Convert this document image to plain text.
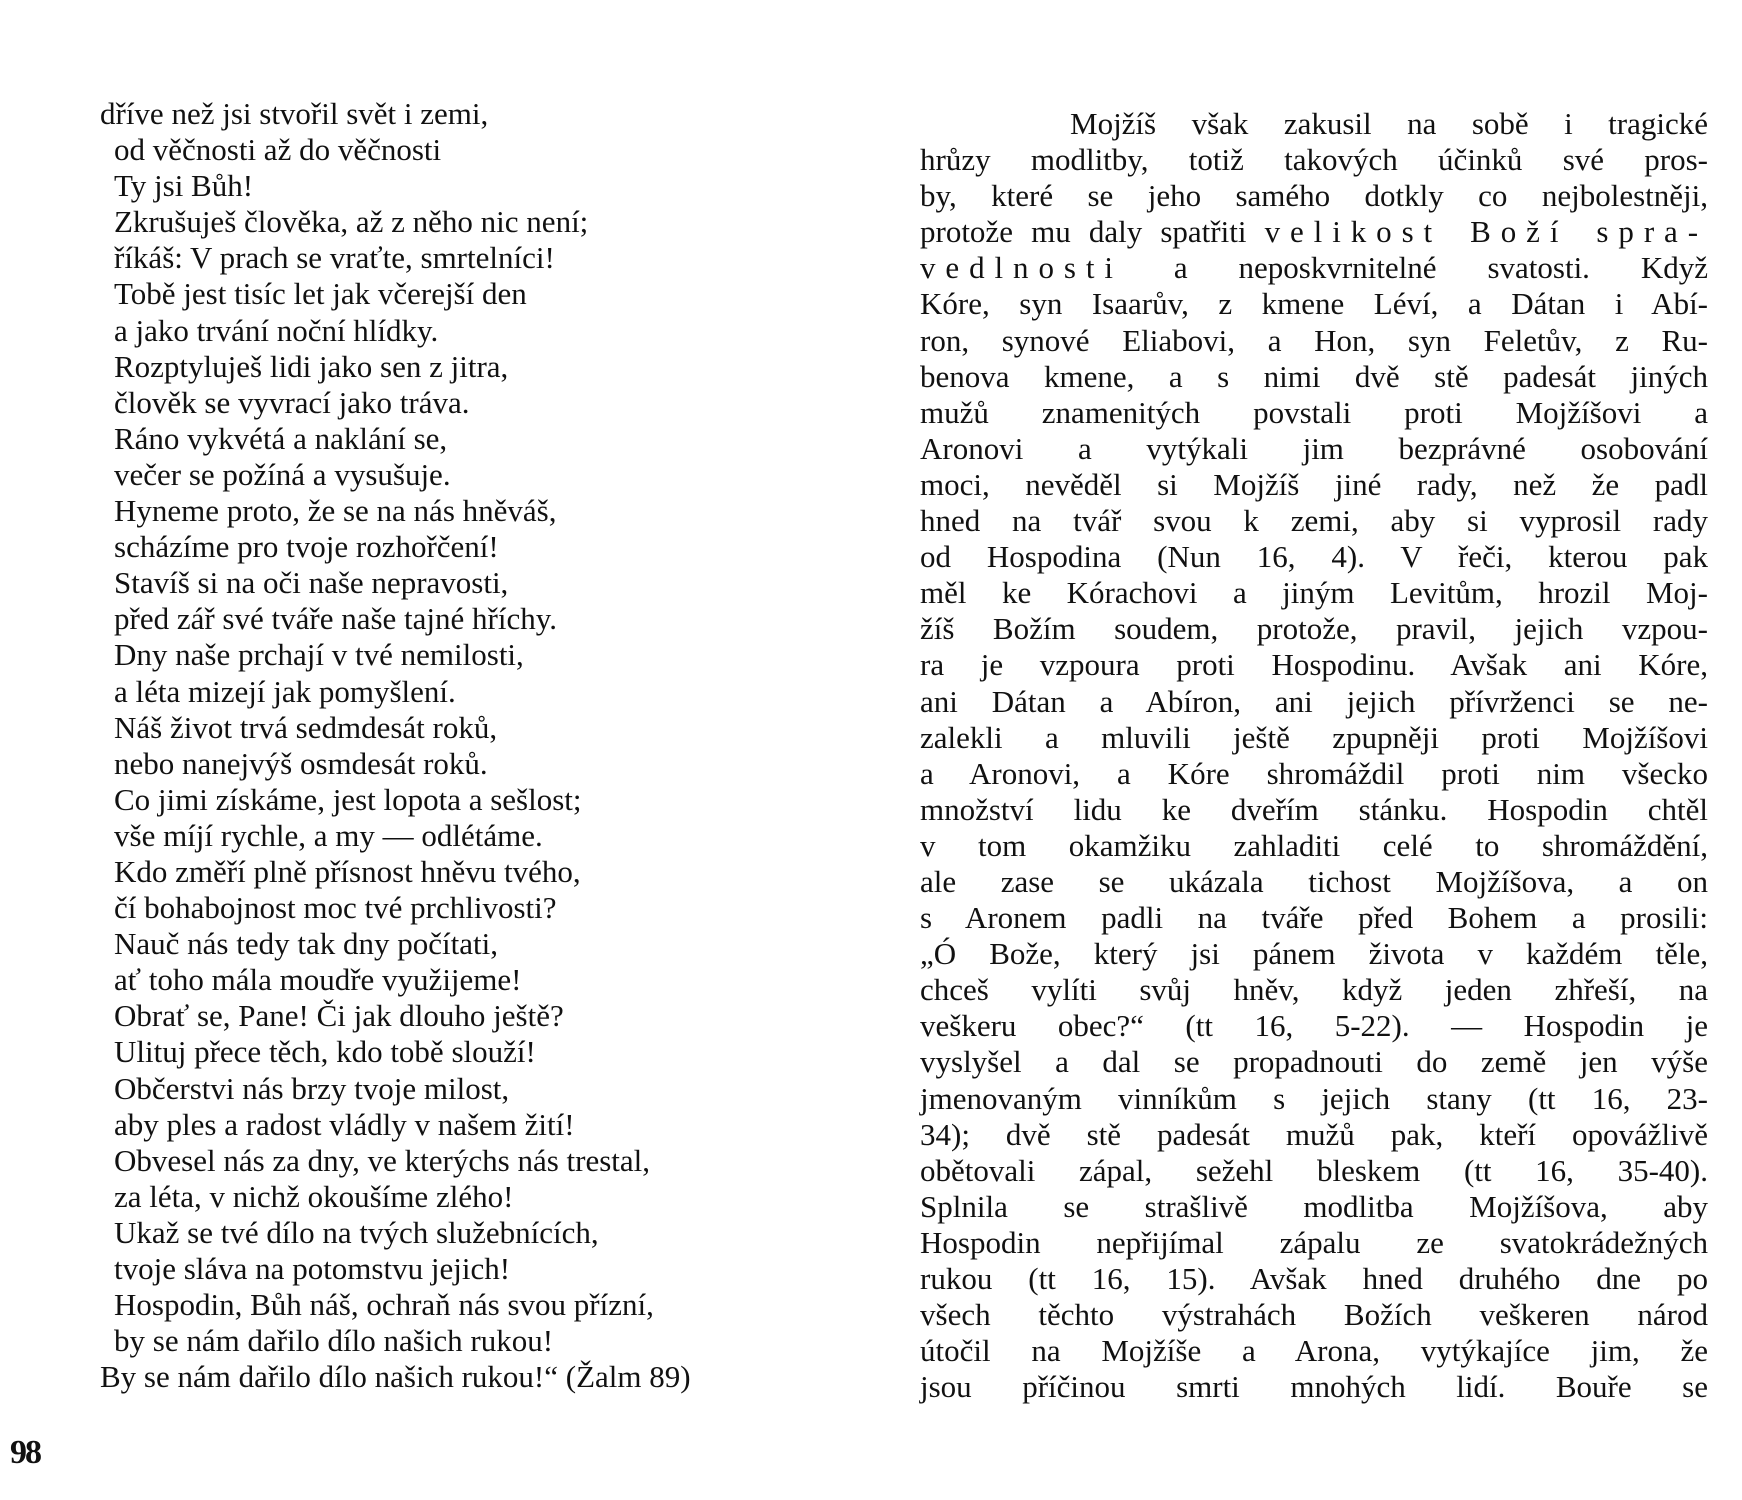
dříve než jsi stvořil svět i zemi,
od věčnosti až do věčnosti
Ty jsi Bůh!
Zkrušuješ člověka, až z něho nic není;
říkáš: V prach se vraťte, smrtelníci!
Tobě jest tisíc let jak včerejší den
a jako trvání noční hlídky.
Rozptyluješ lidi jako sen z jitra,
člověk se vyvrací jako tráva.
Ráno vykvétá a naklání se,
večer se požíná a vysušuje.
Hyneme proto, že se na nás hněváš,
scházíme pro tvoje rozhořčení!
Stavíš si na oči naše nepravosti,
před zář své tváře naše tajné hříchy.
Dny naše prchají v tvé nemilosti,
a léta mizejí jak pomyšlení.
Náš život trvá sedmdesát roků,
nebo nanejvýš osmdesát roků.
Co jimi získáme, jest lopota a sešlost;
vše míjí rychle, a my — odlétáme.
Kdo změří plně přísnost hněvu tvého,
čí bohabojnost moc tvé prchlivosti?
Nauč nás tedy tak dny počítati,
ať toho mála moudře využijeme!
Obrať se, Pane! Či jak dlouho ještě?
Ulituj přece těch, kdo tobě slouží!
Občerstvi nás brzy tvoje milost,
aby ples a radost vládly v našem žití!
Obvesel nás za dny, ve kterýchs nás trestal,
za léta, v nichž okoušíme zlého!
Ukaž se tvé dílo na tvých služebnících,
tvoje sláva na potomstvu jejich!
Hospodin, Bůh náš, ochraň nás svou přízní,
by se nám dařilo dílo našich rukou!
By se nám dařilo dílo našich rukou!“ (Žalm 89)
Mojžíš však zakusil na sobě i tragické
hrůzy modlitby, totiž takových účinků své pros-
by, které se jeho samého dotkly co nejbolestněji,
protože mu daly spatřiti velikost Boží spra-
vedlnosti a neposkvrnitelné svatosti. Když
Kóre, syn Isaarův, z kmene Léví, a Dátan i Abí-
ron, synové Eliabovi, a Hon, syn Feletův, z Ru-
benova kmene, a s nimi dvě stě padesát jiných
mužů znamenitých povstali proti Mojžíšovi a
Aronovi a vytýkali jim bezprávné osobování
moci, nevěděl si Mojžíš jiné rady, než že padl
hned na tvář svou k zemi, aby si vyprosil rady
od Hospodina (Nun 16, 4). V řeči, kterou pak
měl ke Kórachovi a jiným Levitům, hrozil Moj-
žíš Božím soudem, protože, pravil, jejich vzpou-
ra je vzpoura proti Hospodinu. Avšak ani Kóre,
ani Dátan a Abíron, ani jejich přívrženci se ne-
zalekli a mluvili ještě zpupněji proti Mojžíšovi
a Aronovi, a Kóre shromáždil proti nim všecko
množství lidu ke dveřím stánku. Hospodin chtěl
v tom okamžiku zahladiti celé to shromáždění,
ale zase se ukázala tichost Mojžíšova, a on
s Aronem padli na tváře před Bohem a prosili:
„Ó Bože, který jsi pánem života v každém těle,
chceš vylíti svůj hněv, když jeden zhřeší, na
veškeru obec?“ (tt 16, 5-22). — Hospodin je
vyslyšel a dal se propadnouti do země jen výše
jmenovaným vinníkům s jejich stany (tt 16, 23-
34); dvě stě padesát mužů pak, kteří opovážlivě
obětovali zápal, sežehl bleskem (tt 16, 35-40).
Splnila se strašlivě modlitba Mojžíšova, aby
Hospodin nepřijímal zápalu ze svatokrádežných
rukou (tt 16, 15). Avšak hned druhého dne po
všech těchto výstrahách Božích veškeren národ
útočil na Mojžíše a Arona, vytýkajíce jim, že
jsou příčinou smrti mnohých lidí. Bouře se
98
